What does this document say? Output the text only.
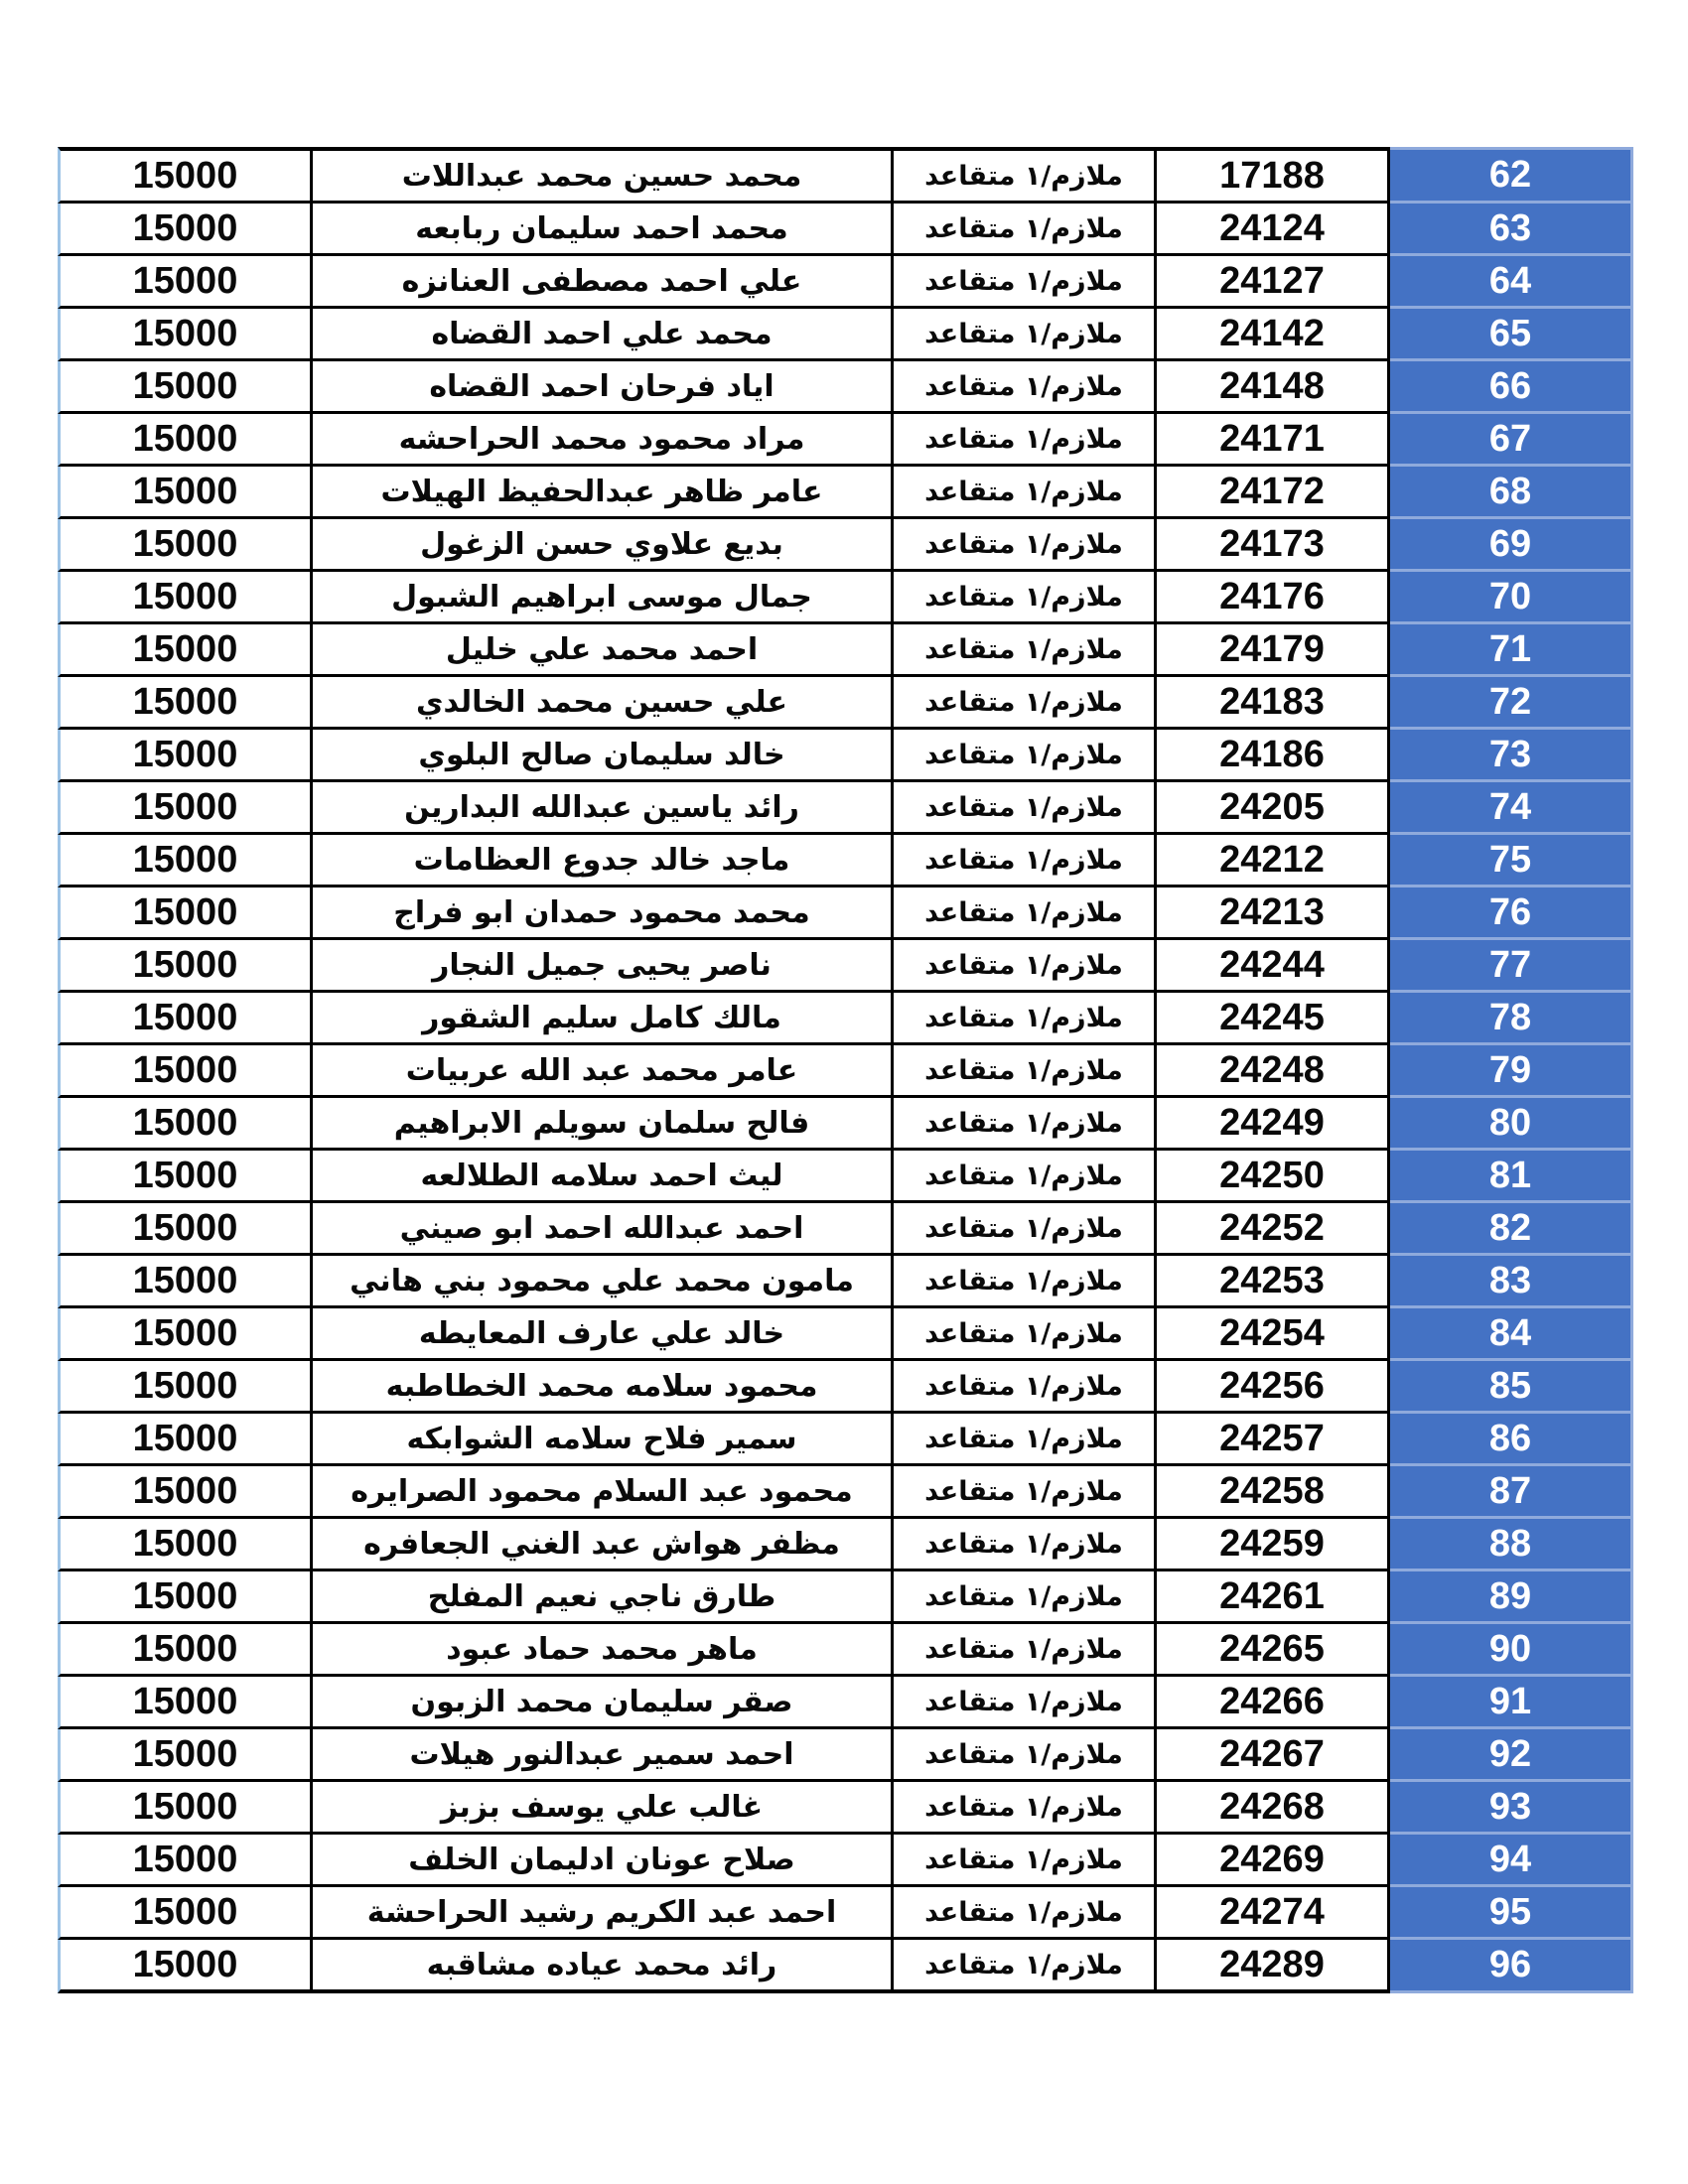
15000	محمد حسين محمد عبداللات	ملازم/١ متقاعد	17188	62
15000	محمد احمد سليمان ربابعه	ملازم/١ متقاعد	24124	63
15000	علي احمد مصطفى العنانزه	ملازم/١ متقاعد	24127	64
15000	محمد علي احمد القضاه	ملازم/١ متقاعد	24142	65
15000	اياد فرحان احمد القضاه	ملازم/١ متقاعد	24148	66
15000	مراد محمود محمد الحراحشه	ملازم/١ متقاعد	24171	67
15000	عامر ظاهر عبدالحفيظ الهيلات	ملازم/١ متقاعد	24172	68
15000	بديع علاوي حسن الزغول	ملازم/١ متقاعد	24173	69
15000	جمال موسى ابراهيم الشبول	ملازم/١ متقاعد	24176	70
15000	احمد محمد علي خليل	ملازم/١ متقاعد	24179	71
15000	علي حسين محمد الخالدي	ملازم/١ متقاعد	24183	72
15000	خالد سليمان صالح البلوي	ملازم/١ متقاعد	24186	73
15000	رائد ياسين عبدالله البدارين	ملازم/١ متقاعد	24205	74
15000	ماجد خالد جدوع العظامات	ملازم/١ متقاعد	24212	75
15000	محمد محمود حمدان ابو فراج	ملازم/١ متقاعد	24213	76
15000	ناصر يحيى جميل النجار	ملازم/١ متقاعد	24244	77
15000	مالك كامل سليم الشقور	ملازم/١ متقاعد	24245	78
15000	عامر محمد عبد الله عربيات	ملازم/١ متقاعد	24248	79
15000	فالح سلمان سويلم الابراهيم	ملازم/١ متقاعد	24249	80
15000	ليث احمد سلامه الطلالعه	ملازم/١ متقاعد	24250	81
15000	احمد عبدالله احمد ابو صيني	ملازم/١ متقاعد	24252	82
15000	مامون محمد علي محمود بني هاني	ملازم/١ متقاعد	24253	83
15000	خالد علي عارف المعايطه	ملازم/١ متقاعد	24254	84
15000	محمود سلامه محمد الخطاطبه	ملازم/١ متقاعد	24256	85
15000	سمير فلاح سلامه الشوابكه	ملازم/١ متقاعد	24257	86
15000	محمود عبد السلام محمود الصرايره	ملازم/١ متقاعد	24258	87
15000	مظفر هواش عبد الغني الجعافره	ملازم/١ متقاعد	24259	88
15000	طارق ناجي نعيم المفلح	ملازم/١ متقاعد	24261	89
15000	ماهر محمد حماد عبود	ملازم/١ متقاعد	24265	90
15000	صقر سليمان محمد الزبون	ملازم/١ متقاعد	24266	91
15000	احمد سمير عبدالنور هيلات	ملازم/١ متقاعد	24267	92
15000	غالب علي يوسف بزبز	ملازم/١ متقاعد	24268	93
15000	صلاح عونان ادليمان الخلف	ملازم/١ متقاعد	24269	94
15000	احمد عبد الكريم رشيد الحراحشة	ملازم/١ متقاعد	24274	95
15000	رائد محمد عياده مشاقبه	ملازم/١ متقاعد	24289	96
